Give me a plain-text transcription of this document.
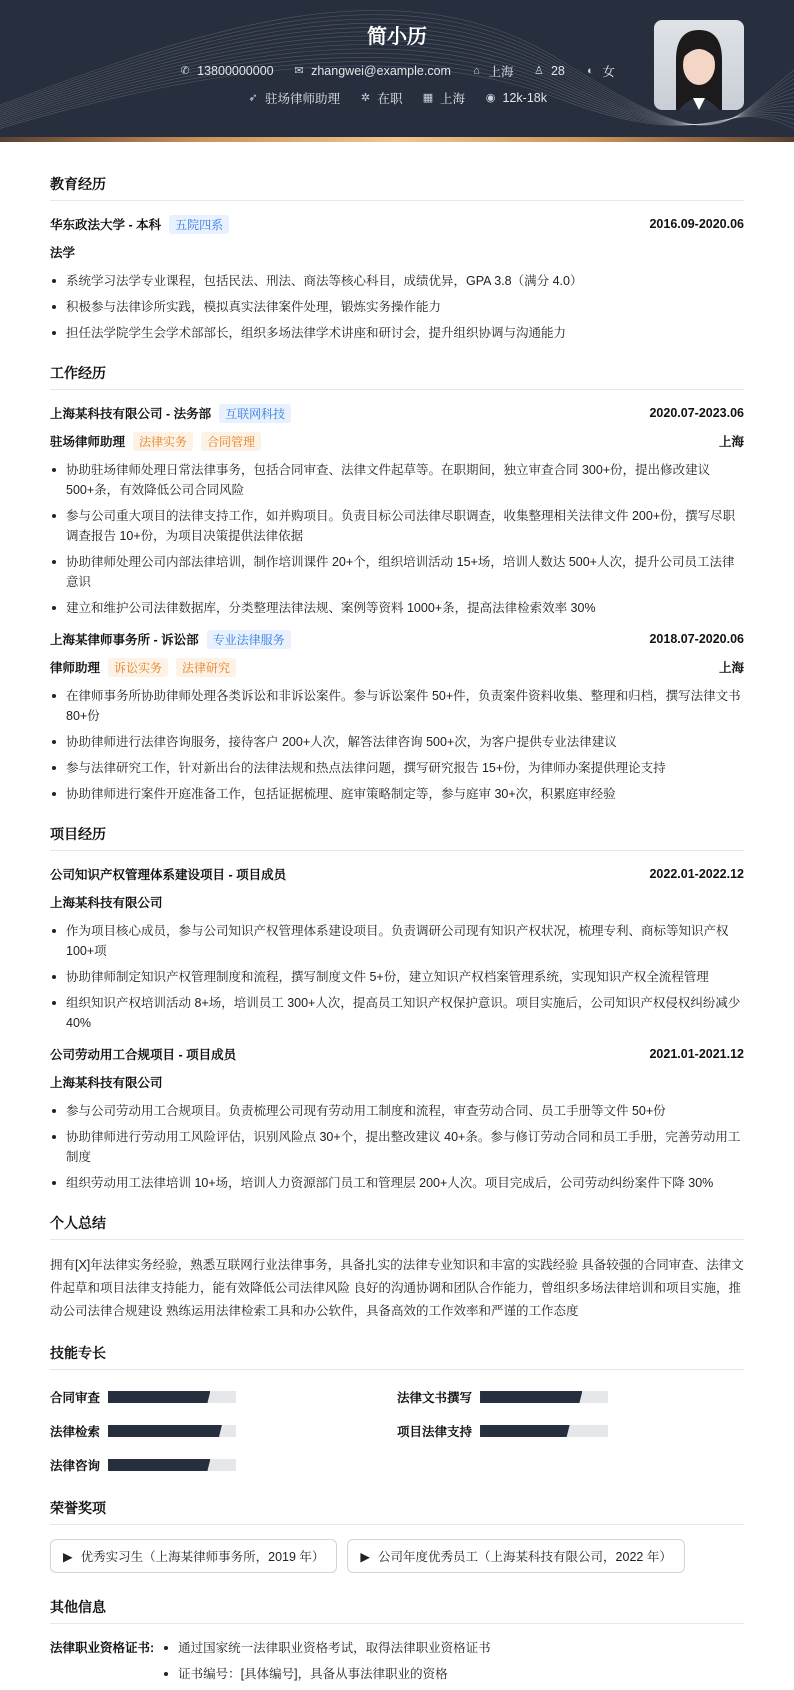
简小历
✆ 13800000000
✉ zhangwei@example.com
⌂ 上海
♙ 28
◐ 女
➶ 驻场律师助理
✲ 在职
▦ 上海
◉ 12k-18k
教育经历
华东政法大学 - 本科	五院四系	2016.09-2020.06
法学
系统学习法学专业课程，包括民法、刑法、商法等核心科目，成绩优异，GPA 3.8（满分 4.0）
积极参与法律诊所实践，模拟真实法律案件处理，锻炼实务操作能力
担任法学院学生会学术部部长，组织多场法律学术讲座和研讨会，提升组织协调与沟通能力
工作经历
上海某科技有限公司 - 法务部	互联网科技	2020.07-2023.06
驻场律师助理	法律实务	合同管理	上海
协助驻场律师处理日常法律事务，包括合同审查、法律文件起草等。在职期间，独立审查合同 300+份，提出修改建议 500+条，有效降低公司合同风险
参与公司重大项目的法律支持工作，如并购项目。负责目标公司法律尽职调查，收集整理相关法律文件 200+份，撰写尽职调查报告 10+份，为项目决策提供法律依据
协助律师处理公司内部法律培训，制作培训课件 20+个，组织培训活动 15+场，培训人数达 500+人次，提升公司员工法律意识
建立和维护公司法律数据库，分类整理法律法规、案例等资料 1000+条，提高法律检索效率 30%
上海某律师事务所 - 诉讼部	专业法律服务	2018.07-2020.06
律师助理	诉讼实务	法律研究	上海
在律师事务所协助律师处理各类诉讼和非诉讼案件。参与诉讼案件 50+件，负责案件资料收集、整理和归档，撰写法律文书 80+份
协助律师进行法律咨询服务，接待客户 200+人次，解答法律咨询 500+次，为客户提供专业法律建议
参与法律研究工作，针对新出台的法律法规和热点法律问题，撰写研究报告 15+份，为律师办案提供理论支持
协助律师进行案件开庭准备工作，包括证据梳理、庭审策略制定等，参与庭审 30+次，积累庭审经验
项目经历
公司知识产权管理体系建设项目 - 项目成员	2022.01-2022.12
上海某科技有限公司
作为项目核心成员，参与公司知识产权管理体系建设项目。负责调研公司现有知识产权状况，梳理专利、商标等知识产权 100+项
协助律师制定知识产权管理制度和流程，撰写制度文件 5+份，建立知识产权档案管理系统，实现知识产权全流程管理
组织知识产权培训活动 8+场，培训员工 300+人次，提高员工知识产权保护意识。项目实施后，公司知识产权侵权纠纷减少 40%
公司劳动用工合规项目 - 项目成员	2021.01-2021.12
上海某科技有限公司
参与公司劳动用工合规项目。负责梳理公司现有劳动用工制度和流程，审查劳动合同、员工手册等文件 50+份
协助律师进行劳动用工风险评估，识别风险点 30+个，提出整改建议 40+条。参与修订劳动合同和员工手册，完善劳动用工制度
组织劳动用工法律培训 10+场，培训人力资源部门员工和管理层 200+人次。项目完成后，公司劳动纠纷案件下降 30%
个人总结
拥有[X]年法律实务经验，熟悉互联网行业法律事务，具备扎实的法律专业知识和丰富的实践经验 具备较强的合同审查、法律文件起草和项目法律支持能力，能有效降低公司法律风险 良好的沟通协调和团队合作能力，曾组织多场法律培训和项目实施，推动公司法律合规建设 熟练运用法律检索工具和办公软件，具备高效的工作效率和严谨的工作态度
技能专长
合同审查	法律文书撰写
法律检索	项目法律支持
法律咨询
荣誉奖项
▶ 优秀实习生（上海某律师事务所，2019 年）	▶ 公司年度优秀员工（上海某科技有限公司，2022 年）
其他信息
法律职业资格证书:	通过国家统一法律职业资格考试，取得法律职业资格证书
证书编号：[具体编号]，具备从事法律职业的资格
